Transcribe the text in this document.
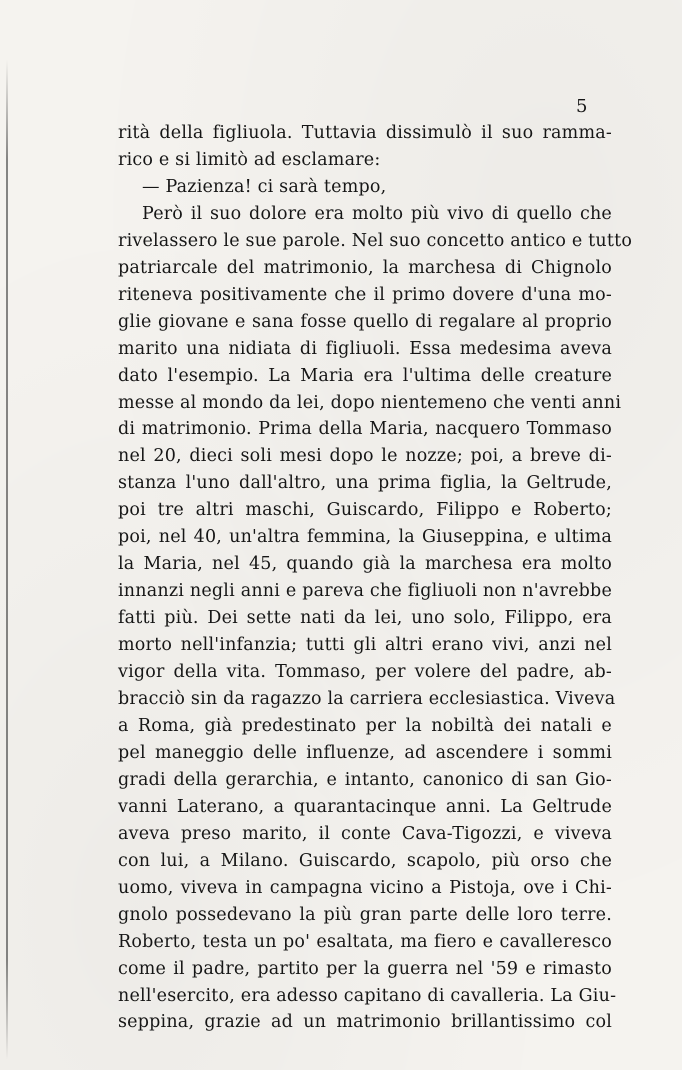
5
rità della figliuola. Tuttavia dissimulò il suo ramma-
rico e si limitò ad esclamare:
— Pazienza! ci sarà tempo,
Però il suo dolore era molto più vivo di quello che
rivelassero le sue parole. Nel suo concetto antico e tutto
patriarcale del matrimonio, la marchesa di Chignolo
riteneva positivamente che il primo dovere d'una mo-
glie giovane e sana fosse quello di regalare al proprio
marito una nidiata di figliuoli. Essa medesima aveva
dato l'esempio. La Maria era l'ultima delle creature
messe al mondo da lei, dopo nientemeno che venti anni
di matrimonio. Prima della Maria, nacquero Tommaso
nel 20, dieci soli mesi dopo le nozze; poi, a breve di-
stanza l'uno dall'altro, una prima figlia, la Geltrude,
poi tre altri maschi, Guiscardo, Filippo e Roberto;
poi, nel 40, un'altra femmina, la Giuseppina, e ultima
la Maria, nel 45, quando già la marchesa era molto
innanzi negli anni e pareva che figliuoli non n'avrebbe
fatti più. Dei sette nati da lei, uno solo, Filippo, era
morto nell'infanzia; tutti gli altri erano vivi, anzi nel
vigor della vita. Tommaso, per volere del padre, ab-
bracciò sin da ragazzo la carriera ecclesiastica. Viveva
a Roma, già predestinato per la nobiltà dei natali e
pel maneggio delle influenze, ad ascendere i sommi
gradi della gerarchia, e intanto, canonico di san Gio-
vanni Laterano, a quarantacinque anni. La Geltrude
aveva preso marito, il conte Cava-Tigozzi, e viveva
con lui, a Milano. Guiscardo, scapolo, più orso che
uomo, viveva in campagna vicino a Pistoja, ove i Chi-
gnolo possedevano la più gran parte delle loro terre.
Roberto, testa un po' esaltata, ma fiero e cavalleresco
come il padre, partito per la guerra nel '59 e rimasto
nell'esercito, era adesso capitano di cavalleria. La Giu-
seppina, grazie ad un matrimonio brillantissimo col
